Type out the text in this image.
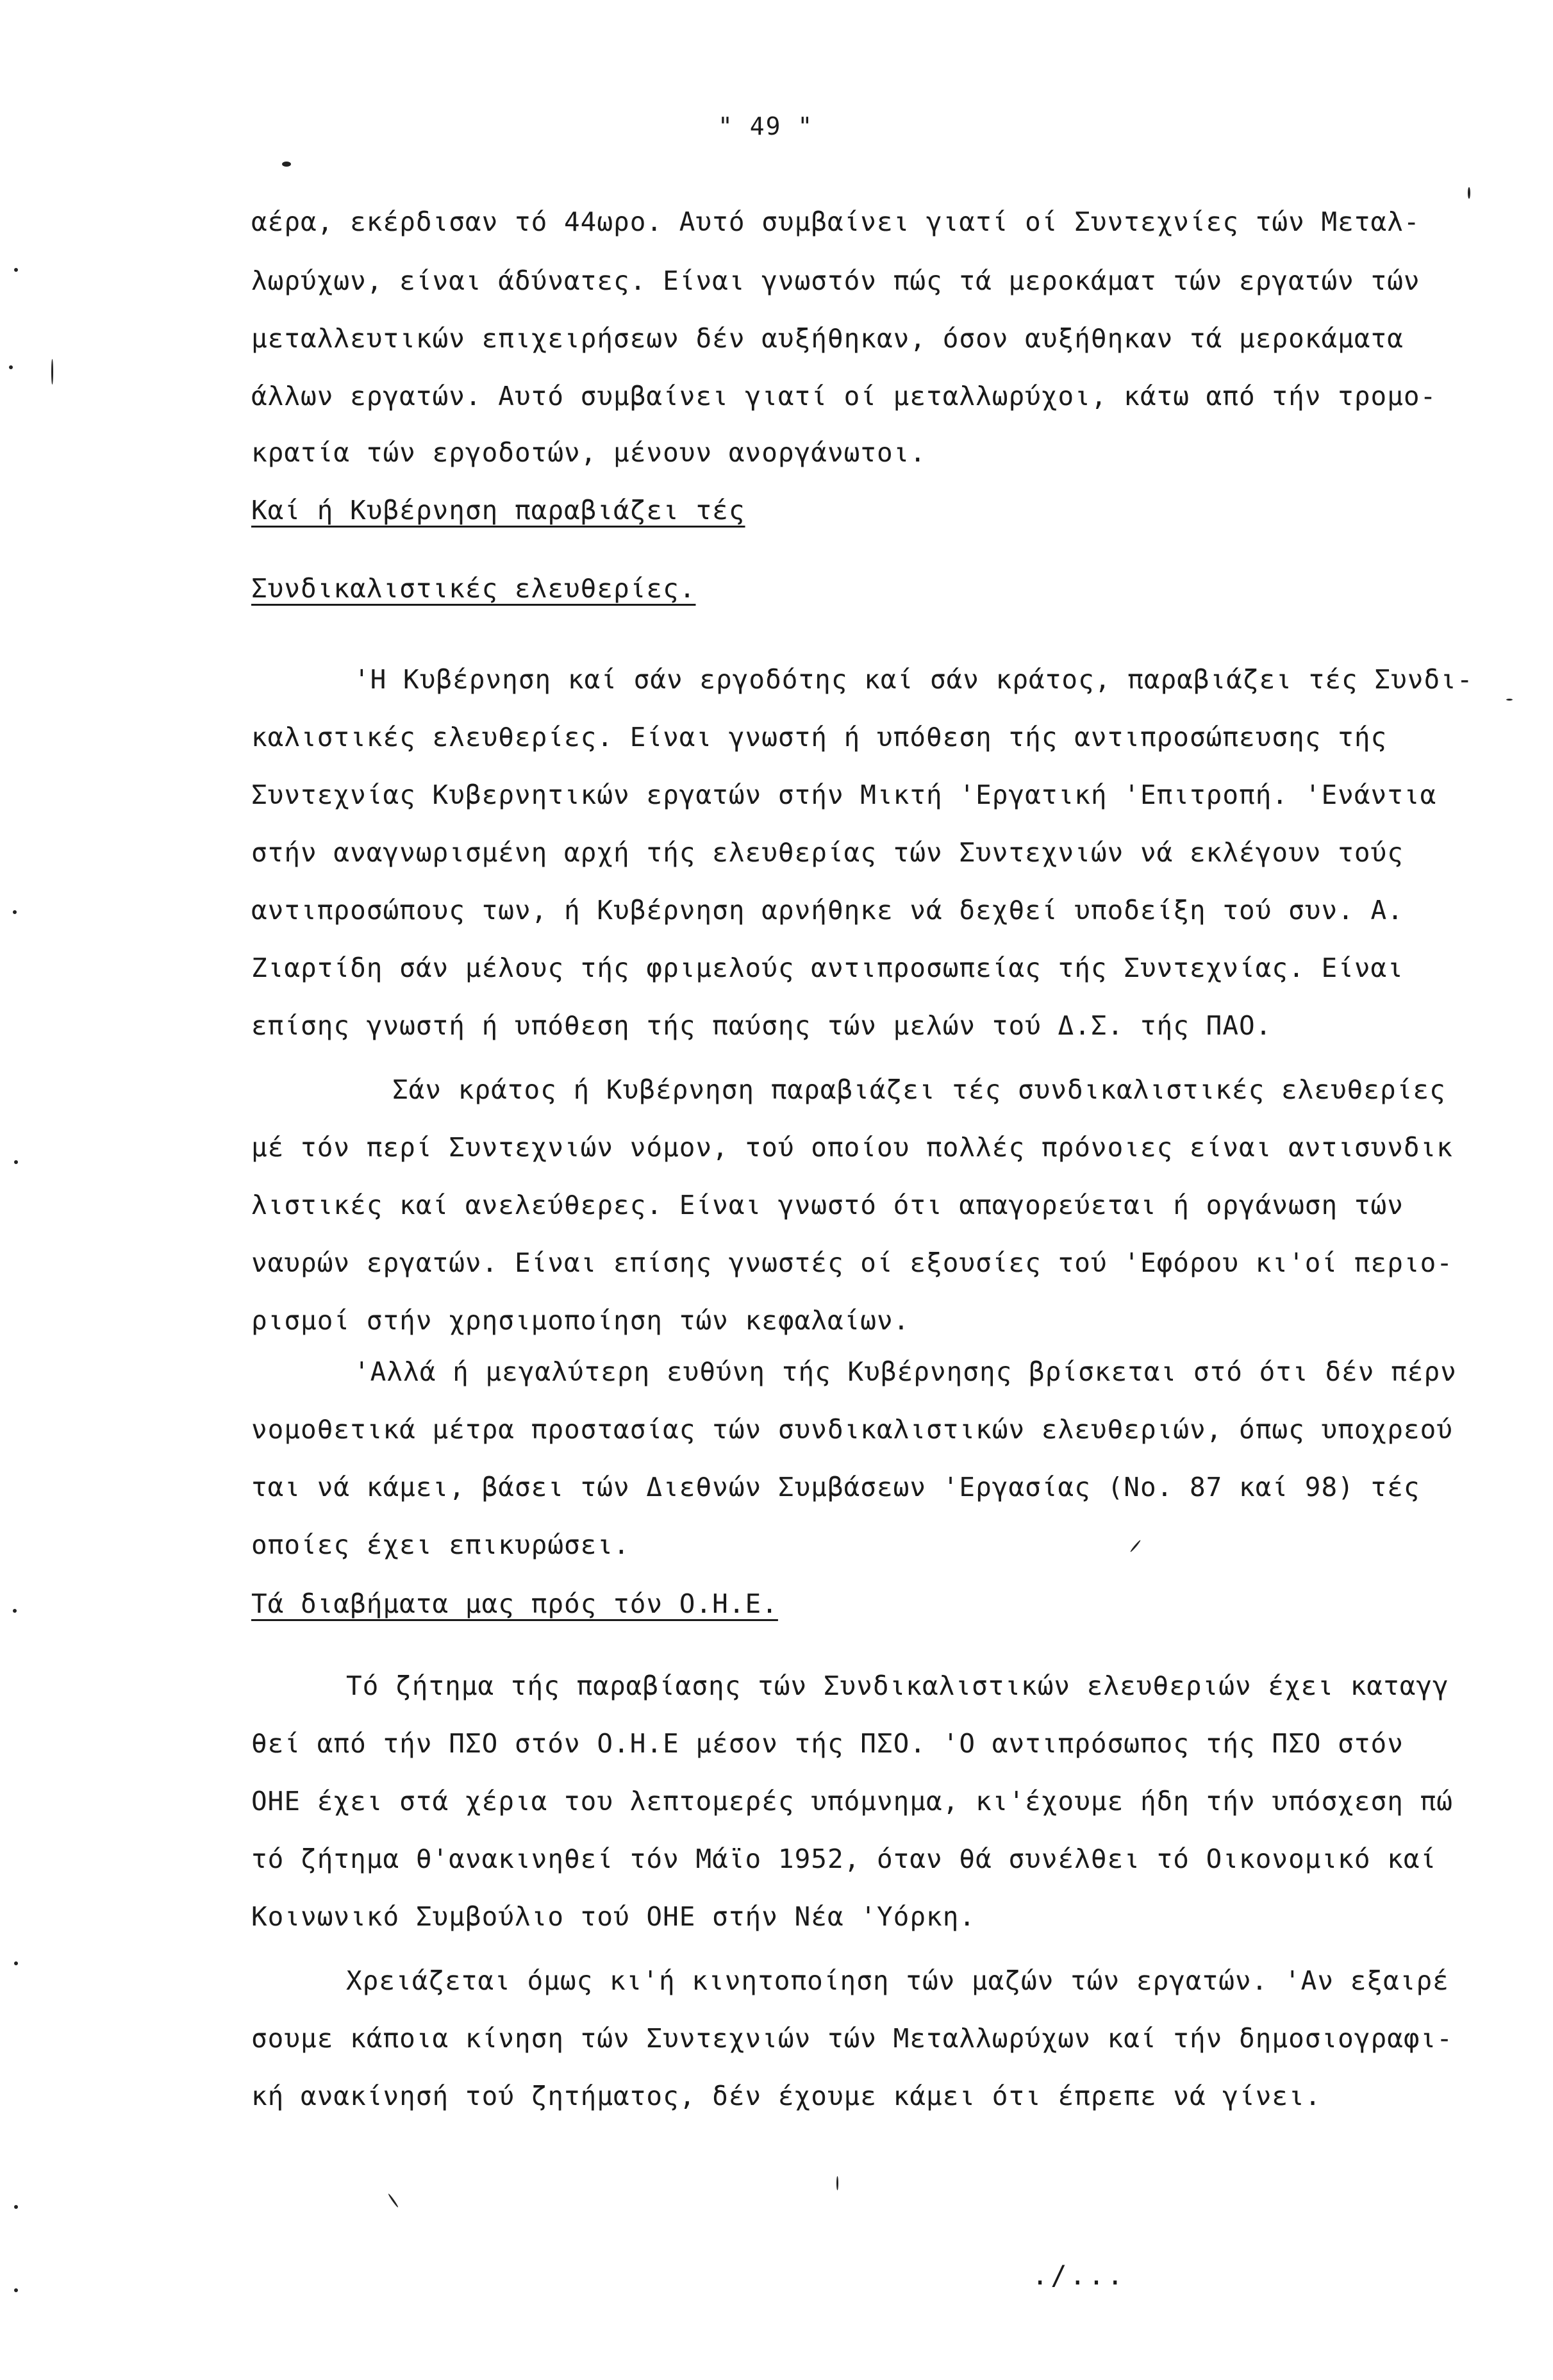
" 49 "
αέρα, εκέρδισαν τό 44ωρο. Αυτό συμβαίνει γιατί οί Συντεχνίες τών Μεταλ-
λωρύχων, είναι άδύνατες. Είναι γνωστόν πώς τά μεροκάματ τών εργατών τών
μεταλλευτικών επιχειρήσεων δέν αυξήθηκαν, όσον αυξήθηκαν τά μεροκάματα
άλλων εργατών. Αυτό συμβαίνει γιατί οί μεταλλωρύχοι, κάτω από τήν τρομο-
κρατία τών εργοδοτών, μένουν ανοργάνωτοι.
Καί ή Κυβέρνηση παραβιάζει τές
Συνδικαλιστικές ελευθερίες.
'Η Κυβέρνηση καί σάν εργοδότης καί σάν κράτος, παραβιάζει τές Συνδι-
καλιστικές ελευθερίες. Είναι γνωστή ή υπόθεση τής αντιπροσώπευσης τής
Συντεχνίας Κυβερνητικών εργατών στήν Μικτή 'Εργατική 'Επιτροπή. 'Ενάντια
στήν αναγνωρισμένη αρχή τής ελευθερίας τών Συντεχνιών νά εκλέγουν τούς
αντιπροσώπους των, ή Κυβέρνηση αρνήθηκε νά δεχθεί υποδείξη τού συν. Α.
Ζιαρτίδη σάν μέλους τής φριμελούς αντιπροσωπείας τής Συντεχνίας. Είναι
επίσης γνωστή ή υπόθεση τής παύσης τών μελών τού Δ.Σ. τής ΠΑΟ.
Σάν κράτος ή Κυβέρνηση παραβιάζει τές συνδικαλιστικές ελευθερίες
μέ τόν περί Συντεχνιών νόμον, τού οποίου πολλές πρόνοιες είναι αντισυνδικ
λιστικές καί ανελεύθερες. Είναι γνωστό ότι απαγορεύεται ή οργάνωση τών
ναυρών εργατών. Είναι επίσης γνωστές οί εξουσίες τού 'Εφόρου κι'οί περιο-
ρισμοί στήν χρησιμοποίηση τών κεφαλαίων.
'Αλλά ή μεγαλύτερη ευθύνη τής Κυβέρνησης βρίσκεται στό ότι δέν πέρν
νομοθετικά μέτρα προστασίας τών συνδικαλιστικών ελευθεριών, όπως υποχρεού
ται νά κάμει, βάσει τών Διεθνών Συμβάσεων 'Εργασίας (Νο. 87 καί 98) τές
οποίες έχει επικυρώσει.
Τά διαβήματα μας πρός τόν Ο.Η.Ε.
Τό ζήτημα τής παραβίασης τών Συνδικαλιστικών ελευθεριών έχει καταγγ
θεί από τήν ΠΣΟ στόν Ο.Η.Ε μέσον τής ΠΣΟ. 'Ο αντιπρόσωπος τής ΠΣΟ στόν
ΟΗΕ έχει στά χέρια του λεπτομερές υπόμνημα, κι'έχουμε ήδη τήν υπόσχεση πώ
τό ζήτημα θ'ανακινηθεί τόν Μάϊο 1952, όταν θά συνέλθει τό Οικονομικό καί
Κοινωνικό Συμβούλιο τού ΟΗΕ στήν Νέα 'Υόρκη.
Χρειάζεται όμως κι'ή κινητοποίηση τών μαζών τών εργατών. 'Αν εξαιρέ
σουμε κάποια κίνηση τών Συντεχνιών τών Μεταλλωρύχων καί τήν δημοσιογραφι-
κή ανακίνησή τού ζητήματος, δέν έχουμε κάμει ότι έπρεπε νά γίνει.
./...
